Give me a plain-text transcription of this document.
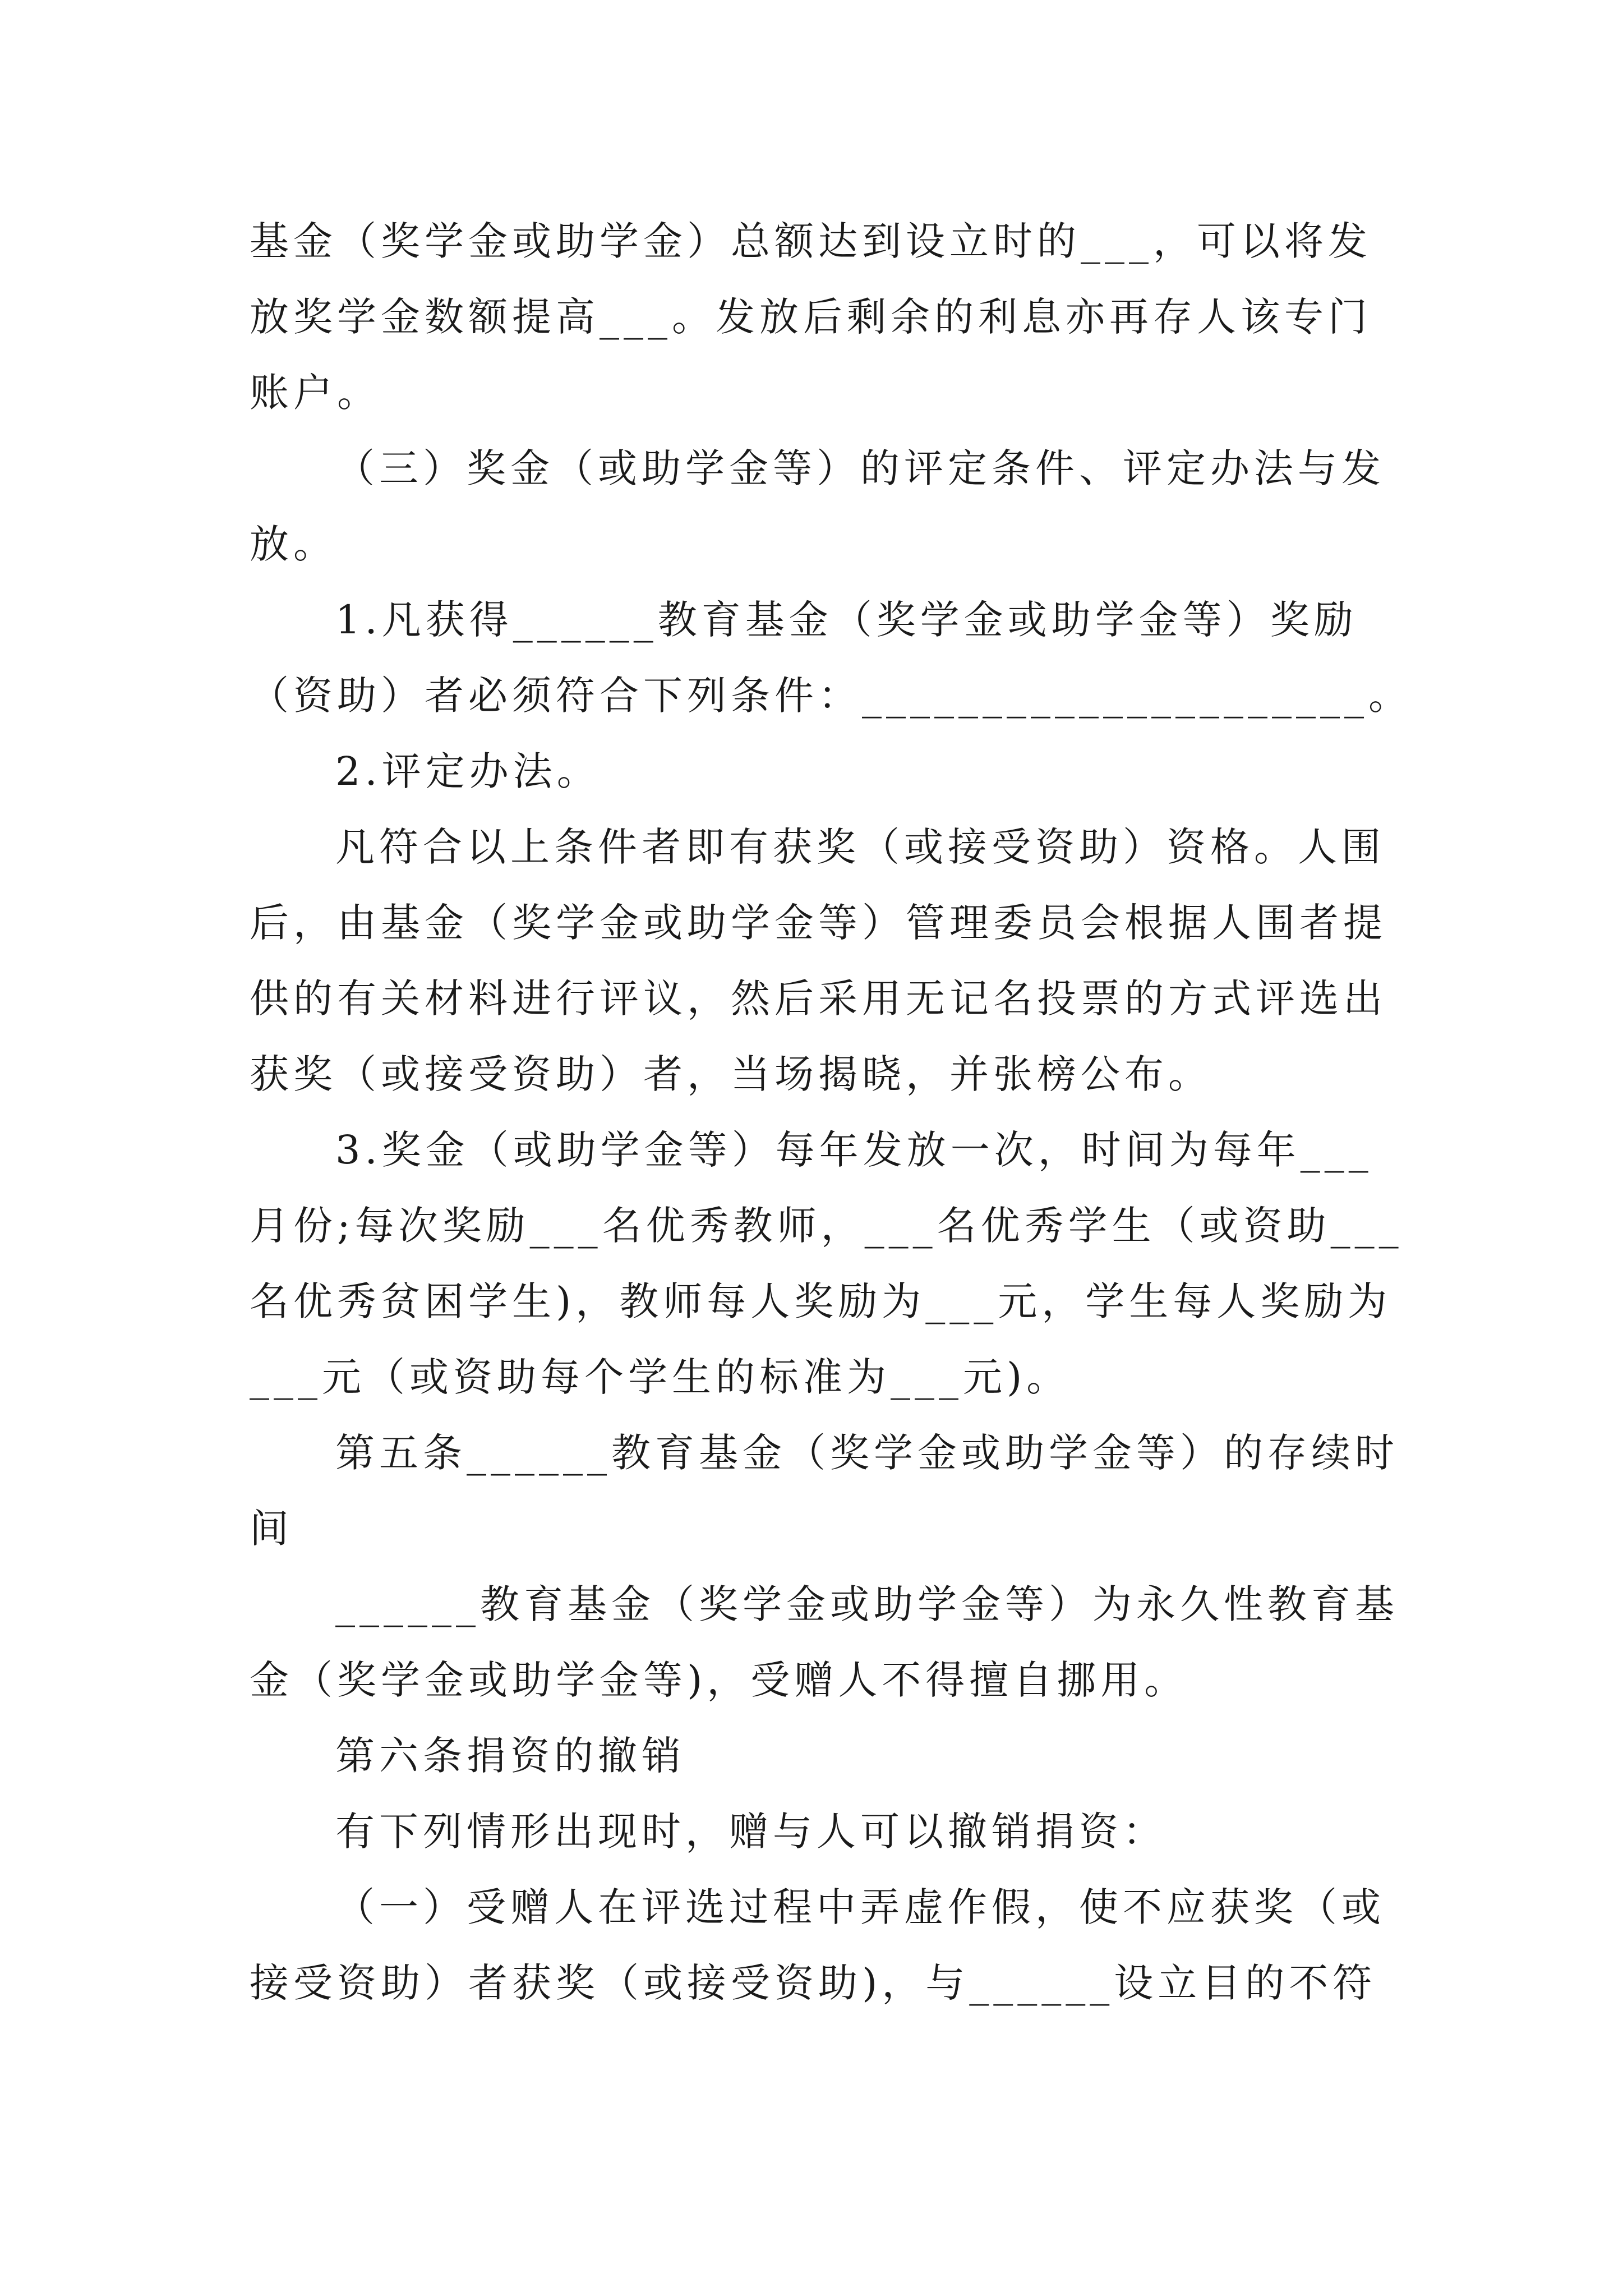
基金（奖学金或助学金）总额达到设立时的___，可以将发
放奖学金数额提高___。发放后剩余的利息亦再存人该专门
账户。
（三）奖金（或助学金等）的评定条件、评定办法与发
放。
1.凡获得______教育基金（奖学金或助学金等）奖励
（资助）者必须符合下列条件：_____________________。
2.评定办法。
凡符合以上条件者即有获奖（或接受资助）资格。人围
后，由基金（奖学金或助学金等）管理委员会根据人围者提
供的有关材料进行评议，然后采用无记名投票的方式评选出
获奖（或接受资助）者，当场揭晓，并张榜公布。
3.奖金（或助学金等）每年发放一次，时间为每年___
月份;每次奖励___名优秀教师，___名优秀学生（或资助___
名优秀贫困学生)，教师每人奖励为___元，学生每人奖励为
___元（或资助每个学生的标准为___元)。
第五条______教育基金（奖学金或助学金等）的存续时
间
______教育基金（奖学金或助学金等）为永久性教育基
金（奖学金或助学金等)，受赠人不得擅自挪用。
第六条捐资的撤销
有下列情形出现时，赠与人可以撤销捐资：
（一）受赠人在评选过程中弄虚作假，使不应获奖（或
接受资助）者获奖（或接受资助)，与______设立目的不符
